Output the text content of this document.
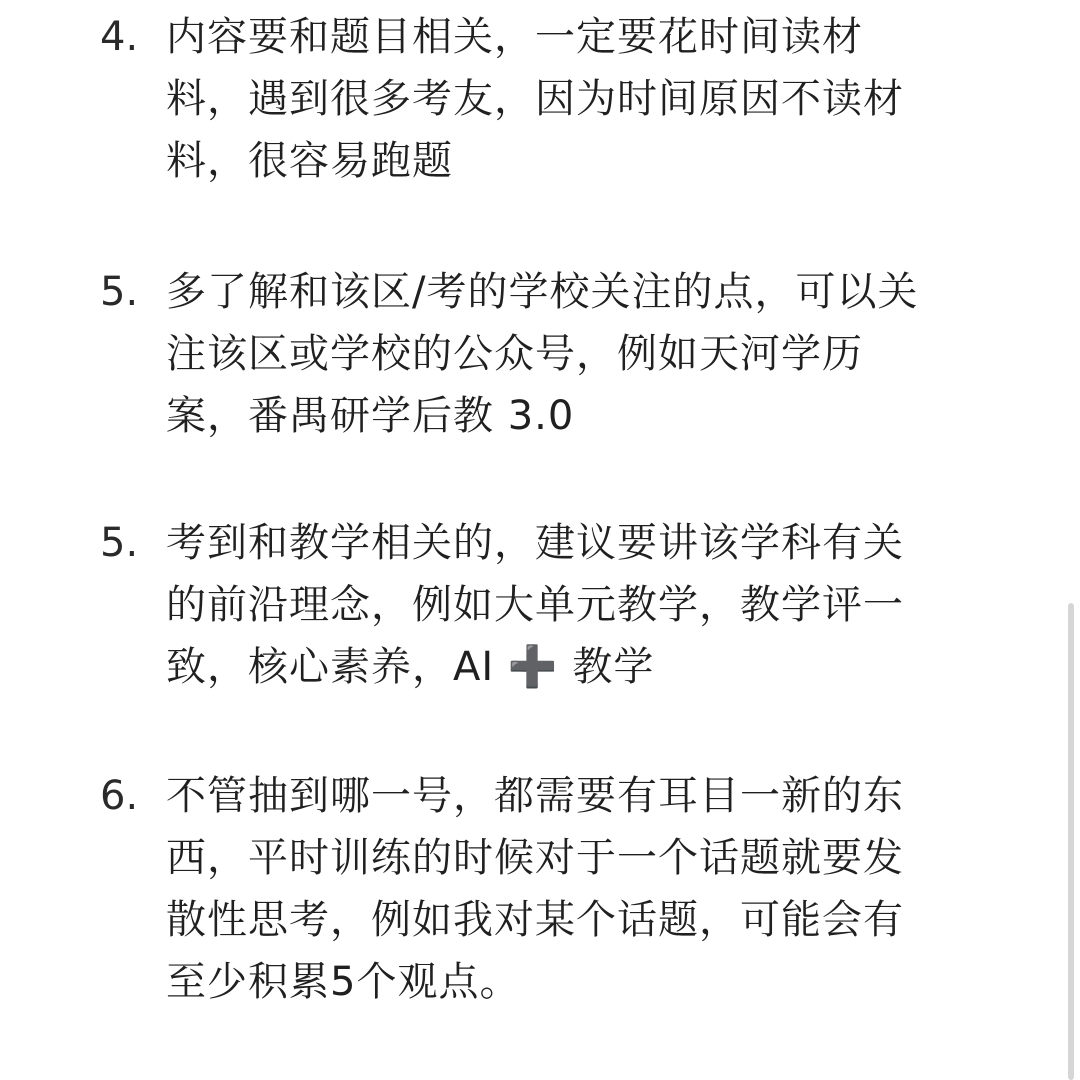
4. 内容要和题目相关，一定要花时间读材
料，遇到很多考友，因为时间原因不读材
料，很容易跑题
5. 多了解和该区/考的学校关注的点，可以关
注该区或学校的公众号，例如天河学历
案，番禺研学后教 3.0
5. 考到和教学相关的，建议要讲该学科有关
的前沿理念，例如大单元教学，教学评一
致，核心素养，AI ➕ 教学
6. 不管抽到哪一号，都需要有耳目一新的东
西，平时训练的时候对于一个话题就要发
散性思考，例如我对某个话题，可能会有
至少积累5个观点。
